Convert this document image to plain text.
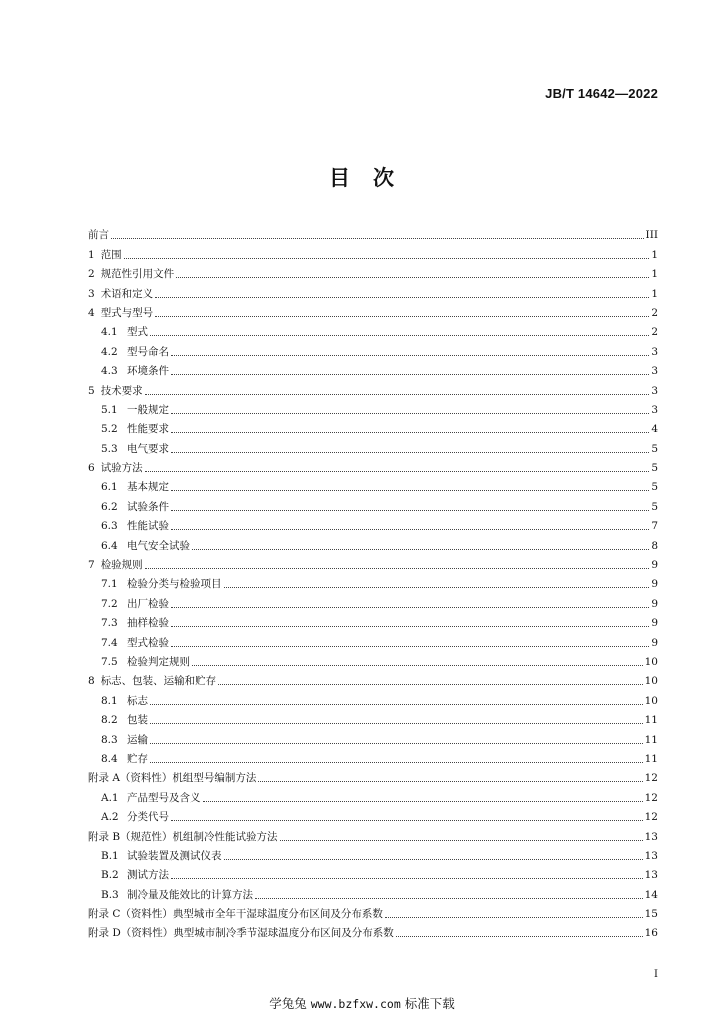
JB/T 14642—2022
目　次
前言	III
1 范围	1
2 规范性引用文件	1
3 术语和定义	1
4 型式与型号	2
4.1 型式	2
4.2 型号命名	3
4.3 环境条件	3
5 技术要求	3
5.1 一般规定	3
5.2 性能要求	4
5.3 电气要求	5
6 试验方法	5
6.1 基本规定	5
6.2 试验条件	5
6.3 性能试验	7
6.4 电气安全试验	8
7 检验规则	9
7.1 检验分类与检验项目	9
7.2 出厂检验	9
7.3 抽样检验	9
7.4 型式检验	9
7.5 检验判定规则	10
8 标志、包装、运输和贮存	10
8.1 标志	10
8.2 包装	11
8.3 运输	11
8.4 贮存	11
附录 A（资料性）机组型号编制方法	12
A.1 产品型号及含义	12
A.2 分类代号	12
附录 B（规范性）机组制冷性能试验方法	13
B.1 试验装置及测试仪表	13
B.2 测试方法	13
B.3 制冷量及能效比的计算方法	14
附录 C（资料性）典型城市全年干湿球温度分布区间及分布系数	15
附录 D（资料性）典型城市制冷季节湿球温度分布区间及分布系数	16
I
学兔兔 www.bzfxw.com 标准下载
